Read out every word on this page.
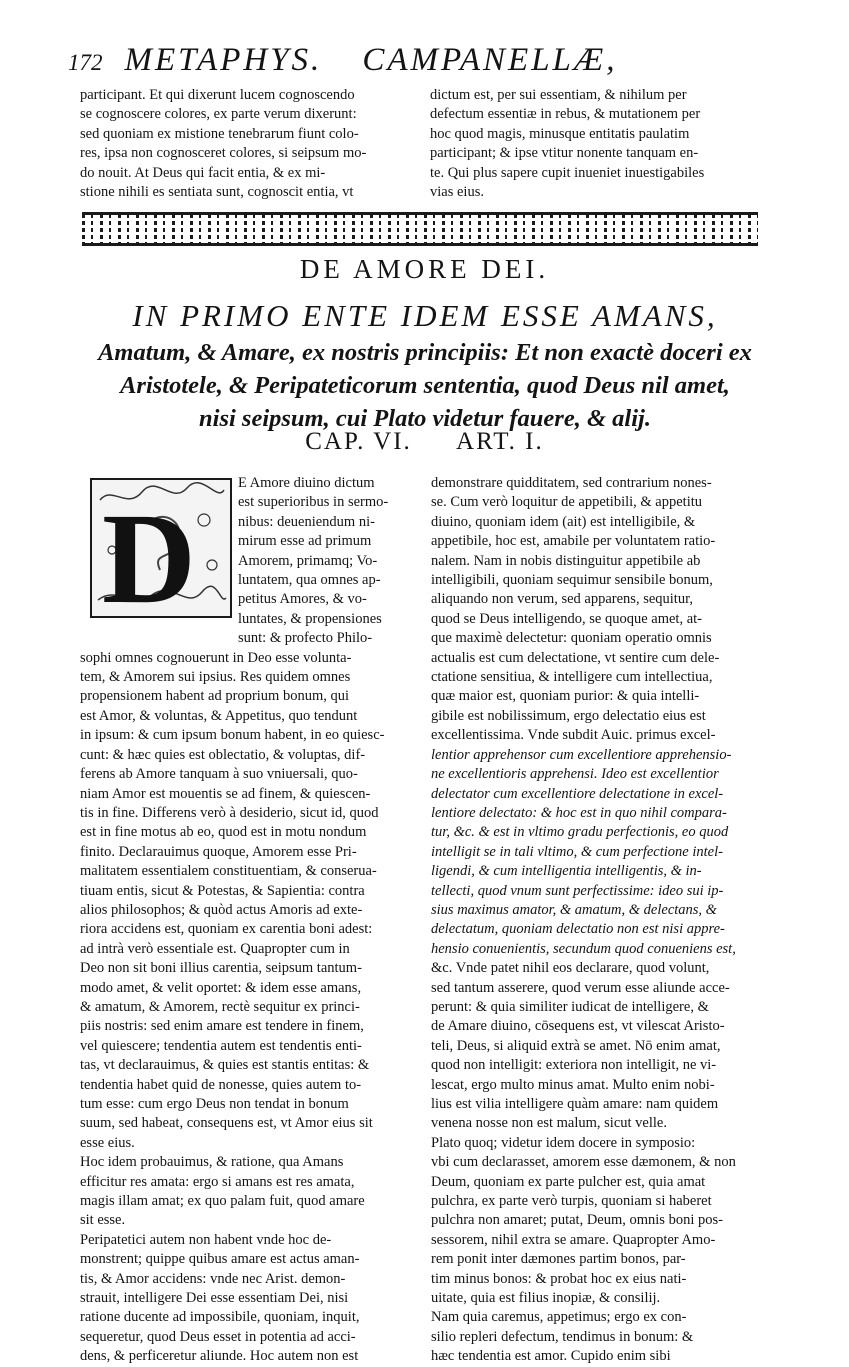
172 METAPHYS. CAMPANELLÆ,
participant. Et qui dixerunt lucem cognoscendo
se cognoscere colores, ex parte verum dixerunt:
sed quoniam ex mistione tenebrarum fiunt colo-
res, ipsa non cognosceret colores, si seipsum mo-
do nouit. At Deus qui facit entia, & ex mi-
stione nihili es sentiata sunt, cognoscit entia, vt
dictum est, per sui essentiam, & nihilum per
defectum essentiæ in rebus, & mutationem per
hoc quod magis, minusque entitatis paulatim
participant; & ipse vtitur nonente tanquam en-
te. Qui plus sapere cupit inueniet inuestigabiles
vias eius.
DE AMORE DEI.
IN PRIMO ENTE IDEM ESSE AMANS,
Amatum, & Amare, ex nostris principiis: Et non exactè doceri ex
Aristotele, & Peripateticorum sententia, quod Deus nil amet,
nisi seipsum, cui Plato videtur fauere, & alij.
CAP. VI. ART. I.
D
E Amore diuino dictum
est superioribus in sermo-
nibus: deueniendum ni-
mirum esse ad primum
Amorem, primamq; Vo-
luntatem, qua omnes ap-
petitus Amores, & vo-
luntates, & propensiones
sunt: & profecto Philo-
sophi omnes cognouerunt in Deo esse volunta-
tem, & Amorem sui ipsius. Res quidem omnes
propensionem habent ad proprium bonum, qui
est Amor, & voluntas, & Appetitus, quo tendunt
in ipsum: & cum ipsum bonum habent, in eo quiesc-
cunt: & hæc quies est oblectatio, & voluptas, dif-
ferens ab Amore tanquam à suo vniuersali, quo-
niam Amor est mouentis se ad finem, & quiescen-
tis in fine. Differens verò à desiderio, sicut id, quod
est in fine motus ab eo, quod est in motu nondum
finito. Declarauimus quoque, Amorem esse Pri-
malitatem essentialem constituentiam, & conserua-
tiuam entis, sicut & Potestas, & Sapientia: contra
alios philosophos; & quòd actus Amoris ad exte-
riora accidens est, quoniam ex carentia boni adest:
ad intrà verò essentiale est. Quapropter cum in
Deo non sit boni illius carentia, seipsum tantum-
modo amet, & velit oportet: & idem esse amans,
& amatum, & Amorem, rectè sequitur ex princi-
piis nostris: sed enim amare est tendere in finem,
vel quiescere; tendentia autem est tendentis enti-
tas, vt declarauimus, & quies est stantis entitas: &
tendentia habet quid de nonesse, quies autem to-
tum esse: cum ergo Deus non tendat in bonum
suum, sed habeat, consequens est, vt Amor eius sit
esse eius.
Hoc idem probauimus, & ratione, qua Amans
efficitur res amata: ergo si amans est res amata,
magis illam amat; ex quo palam fuit, quod amare
sit esse.
Peripatetici autem non habent vnde hoc de-
monstrent; quippe quibus amare est actus aman-
tis, & Amor accidens: vnde nec Arist. demon-
strauit, intelligere Dei esse essentiam Dei, nisi
ratione ducente ad impossibile, quoniam, inquit,
sequeretur, quod Deus esset in potentia ad acci-
dens, & perficeretur aliunde. Hoc autem non est
demonstrare quidditatem, sed contrarium nones-
se. Cum verò loquitur de appetibili, & appetitu
diuino, quoniam idem (ait) est intelligibile, &
appetibile, hoc est, amabile per voluntatem ratio-
nalem. Nam in nobis distinguitur appetibile ab
intelligibili, quoniam sequimur sensibile bonum,
aliquando non verum, sed apparens, sequitur,
quod se Deus intelligendo, se quoque amet, at-
que maximè delectetur: quoniam operatio omnis
actualis est cum delectatione, vt sentire cum dele-
ctatione sensitiua, & intelligere cum intellectiua,
quæ maior est, quoniam purior: & quia intelli-
gibile est nobilissimum, ergo delectatio eius est
excellentissima. Vnde subdit Auic. primus excel-
lentior apprehensor cum excellentiore apprehensio-
ne excellentioris apprehensi. Ideo est excellentior
delectator cum excellentiore delectatione in excel-
lentiore delectato: & hoc est in quo nihil compara-
tur, &c. & est in vltimo gradu perfectionis, eo quod
intelligit se in tali vltimo, & cum perfectione intel-
ligendi, & cum intelligentia intelligentis, & in-
tellecti, quod vnum sunt perfectissime: ideo sui ip-
sius maximus amator, & amatum, & delectans, &
delectatum, quoniam delectatio non est nisi appre-
hensio conuenientis, secundum quod conueniens est,
&c. Vnde patet nihil eos declarare, quod volunt,
sed tantum asserere, quod verum esse aliunde acce-
perunt: & quia similiter iudicat de intelligere, &
de Amare diuino, cōsequens est, vt vilescat Aristo-
teli, Deus, si aliquid extrà se amet. Nō enim amat,
quod non intelligit: exteriora non intelligit, ne vi-
lescat, ergo multo minus amat. Multo enim nobi-
lius est vilia intelligere quàm amare: nam quidem
venena nosse non est malum, sicut velle.
Plato quoq; videtur idem docere in symposio:
vbi cum declarasset, amorem esse dæmonem, & non
Deum, quoniam ex parte pulcher est, quia amat
pulchra, ex parte verò turpis, quoniam si haberet
pulchra non amaret; putat, Deum, omnis boni pos-
sessorem, nihil extra se amare. Quapropter Amo-
rem ponit inter dæmones partim bonos, par-
tim minus bonos: & probat hoc ex eius nati-
uitate, quia est filius inopiæ, & consilij.
Nam quia caremus, appetimus; ergo ex con-
silio repleri defectum, tendimus in bonum: &
hæc tendentia est amor. Cupido enim sibi
